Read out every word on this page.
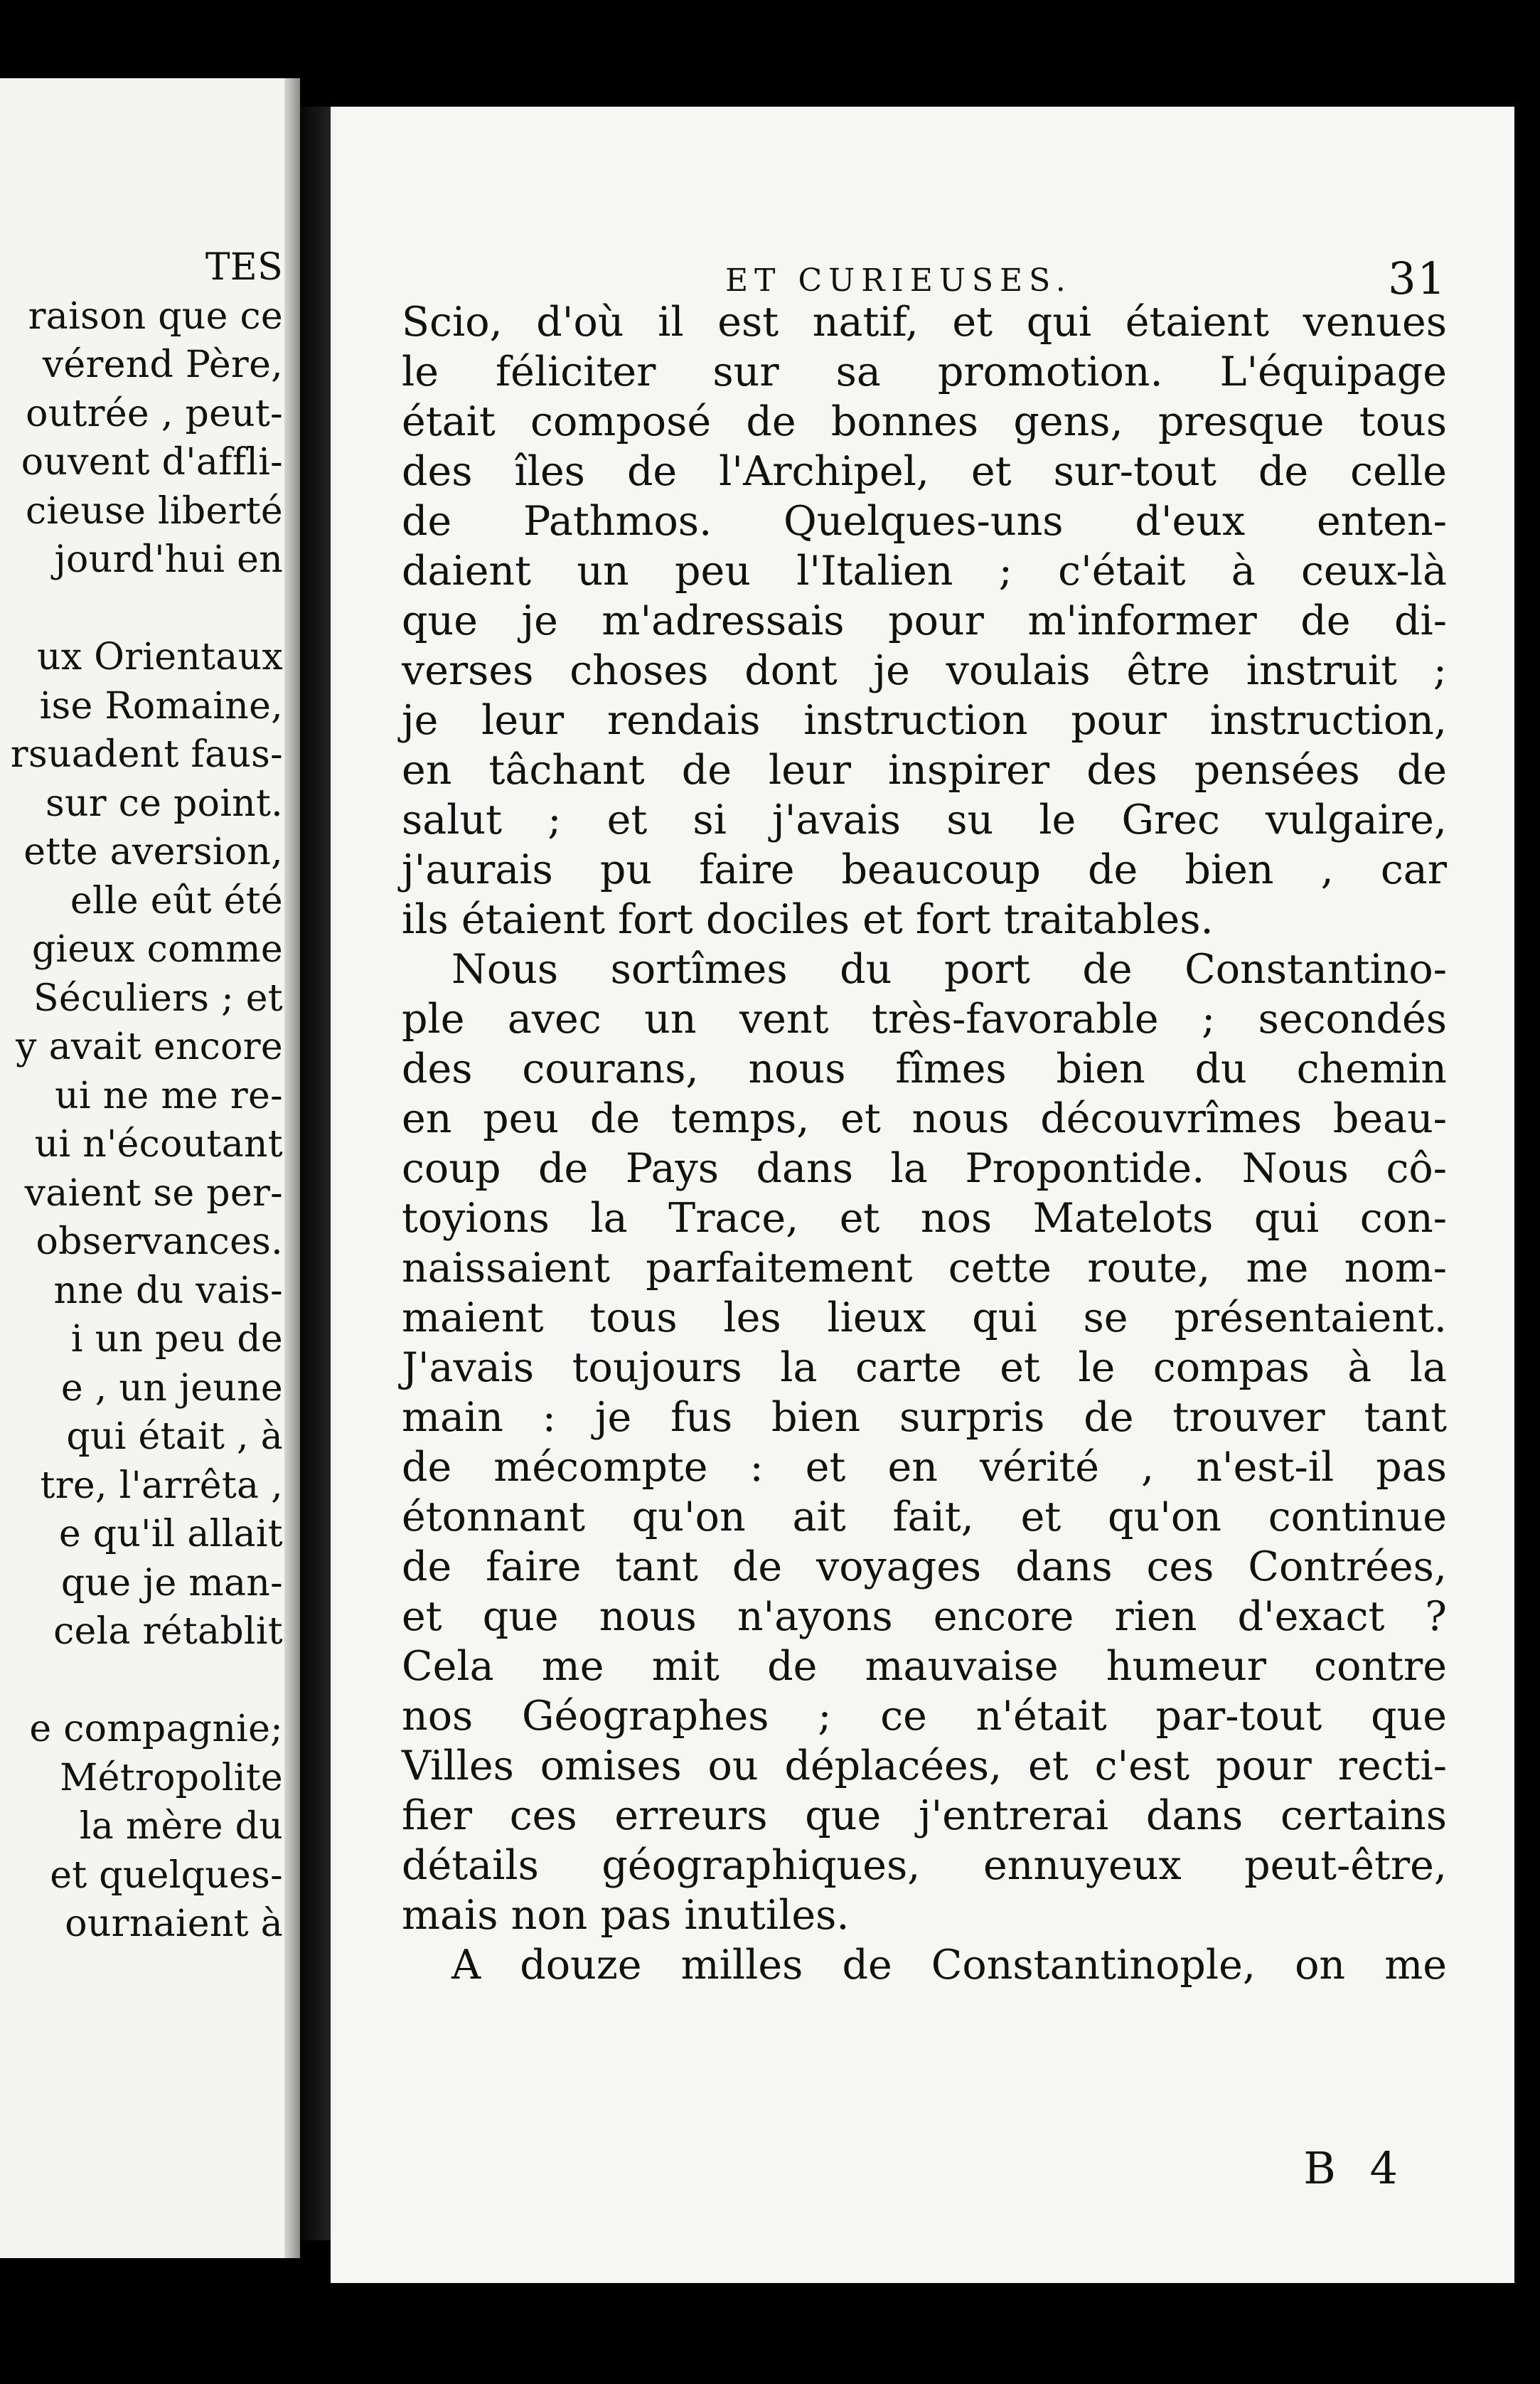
TES
raison que ce
vérend Père,
outrée , peut-
ouvent d'affli-
cieuse liberté
jourd'hui en
ux Orientaux
ise Romaine,
rsuadent faus-
sur ce point.
ette aversion,
elle eût été
gieux comme
Séculiers ; et
y avait encore
ui ne me re-
ui n'écoutant
vaient se per-
observances.
nne du vais-
i un peu de
e , un jeune
qui était , à
tre, l'arrêta ,
e qu'il allait
que je man-
cela rétablit
e compagnie;
Métropolite
la mère du
et quelques-
ournaient à
ET CURIEUSES.	31
Scio, d'où il est natif, et qui étaient venues
le féliciter sur sa promotion. L'équipage
était composé de bonnes gens, presque tous
des îles de l'Archipel, et sur-tout de celle
de Pathmos. Quelques-uns d'eux enten-
daient un peu l'Italien ; c'était à ceux-là
que je m'adressais pour m'informer de di-
verses choses dont je voulais être instruit ;
je leur rendais instruction pour instruction,
en tâchant de leur inspirer des pensées de
salut ; et si j'avais su le Grec vulgaire,
j'aurais pu faire beaucoup de bien , car
ils étaient fort dociles et fort traitables.
Nous sortîmes du port de Constantino-
ple avec un vent très-favorable ; secondés
des courans, nous fîmes bien du chemin
en peu de temps, et nous découvrîmes beau-
coup de Pays dans la Propontide. Nous cô-
toyions la Trace, et nos Matelots qui con-
naissaient parfaitement cette route, me nom-
maient tous les lieux qui se présentaient.
J'avais toujours la carte et le compas à la
main : je fus bien surpris de trouver tant
de mécompte : et en vérité , n'est-il pas
étonnant qu'on ait fait, et qu'on continue
de faire tant de voyages dans ces Contrées,
et que nous n'ayons encore rien d'exact ?
Cela me mit de mauvaise humeur contre
nos Géographes ; ce n'était par-tout que
Villes omises ou déplacées, et c'est pour recti-
fier ces erreurs que j'entrerai dans certains
détails géographiques, ennuyeux peut-être,
mais non pas inutiles.
A douze milles de Constantinople, on me
B 4
